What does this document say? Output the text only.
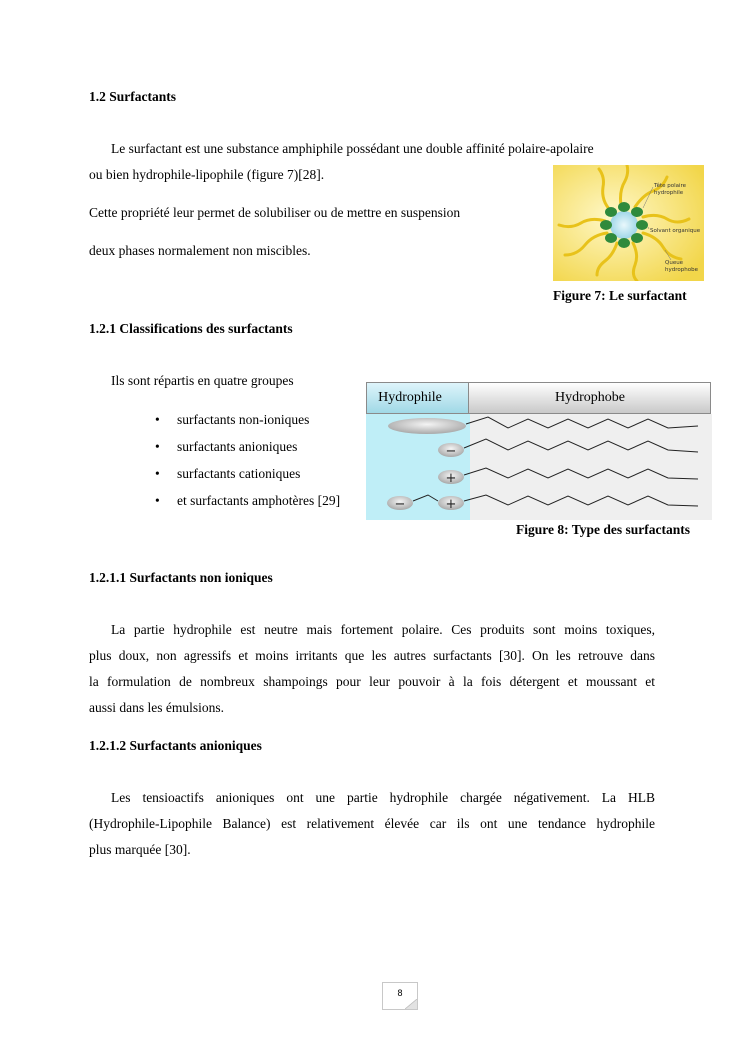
1.2 Surfactants
Le surfactant est une substance amphiphile possédant une double affinité polaire-apolaire
ou bien hydrophile-lipophile (figure 7)[28].
Cette propriété leur permet de solubiliser ou de mettre en suspension
deux phases normalement non miscibles.
Tête polaire
hydrophile
Solvant organique
Queue
hydrophobe
Figure 7: Le surfactant
1.2.1 Classifications des surfactants
Ils sont répartis en quatre groupes
• surfactants non-ioniques
• surfactants anioniques
• surfactants cationiques
• et surfactants amphotères [29]
Hydrophile	Hydrophobe
−
+
−	+
Figure 8: Type des surfactants
1.2.1.1 Surfactants non ioniques
La partie hydrophile est neutre mais fortement polaire. Ces produits sont moins toxiques,
plus doux, non agressifs et moins irritants que les autres surfactants [30]. On les retrouve dans
la formulation de nombreux shampoings pour leur pouvoir à la fois détergent et moussant et
aussi dans les émulsions.
1.2.1.2 Surfactants anioniques
Les tensioactifs anioniques ont une partie hydrophile chargée négativement. La HLB
(Hydrophile-Lipophile Balance) est relativement élevée car ils ont une tendance hydrophile
plus marquée [30].
8
